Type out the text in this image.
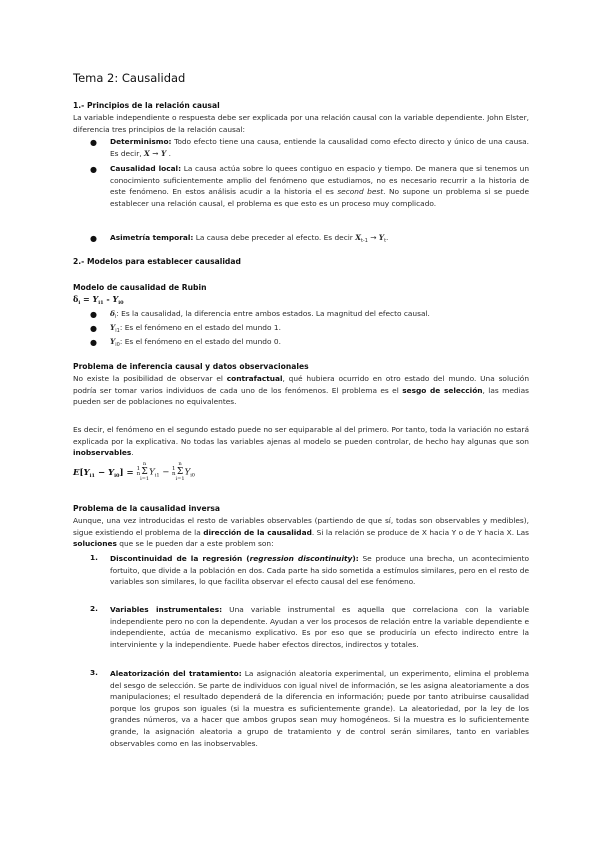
Tema 2: Causalidad
1.- Principios de la relación causal
La variable independiente o respuesta debe ser explicada por una relación causal con la variable dependiente. John Elster, diferencia tres principios de la relación causal:
● Determinismo: Todo efecto tiene una causa, entiende la causalidad como efecto directo y único de una causa. Es decir, X → Y .
● Causalidad local: La causa actúa sobre lo quees contiguo en espacio y tiempo. De manera que si tenemos un conocimiento suficientemente amplio del fenómeno que estudiamos, no es necesario recurrir a la historia de este fenómeno. En estos análisis acudir a la historia el es second best. No supone un problema si se puede establecer una relación causal, el problema es que esto es un proceso muy complicado.
● Asimetría temporal: La causa debe preceder al efecto. Es decir $X_{t-1} \to Y_t$.
2.- Modelos para establecer causalidad
Modelo de causalidad de Rubin
$\delta_i = Y_{i1} - Y_{i0}$
● $\delta_i$: Es la causalidad, la diferencia entre ambos estados. La magnitud del efecto causal.
● $Y_{i1}$: Es el fenómeno en el estado del mundo 1.
● $Y_{i0}$: Es el fenómeno en el estado del mundo 0.
Problema de inferencia causal y datos observacionales
No existe la posibilidad de observar el contrafactual, qué hubiera ocurrido en otro estado del mundo. Una solución podría ser tomar varios individuos de cada uno de los fenómenos. El problema es el sesgo de selección, las medias pueden ser de poblaciones no equivalentes.
Es decir, el fenómeno en el segundo estado puede no ser equiparable al del primero. Por tanto, toda la variación no estará explicada por la explicativa. No todas las variables ajenas al modelo se pueden controlar, de hecho hay algunas que son inobservables.
$E[Y_{i1} - Y_{i0}] = 1$
nn
Σ
$i=1Y_{i1} - 1$
nn
Σ
$i=1Y_{i0}$
Problema de la causalidad inversa
Aunque, una vez introducidas el resto de variables observables (partiendo de que sí, todas son observables y medibles), sigue existiendo el problema de la dirección de la causalidad. Si la relación se produce de X hacia Y o de Y hacia X. Las soluciones que se le pueden dar a este problem son:
1. Discontinuidad de la regresión (regression discontinuity): Se produce una brecha, un acontecimiento fortuito, que divide a la población en dos. Cada parte ha sido sometida a estímulos similares, pero en el resto de variables son similares, lo que facilita observar el efecto causal del ese fenómeno.
2. Variables instrumentales: Una variable instrumental es aquella que correlaciona con la variable independiente pero no con la dependente. Ayudan a ver los procesos de relación entre la variable dependiente e independiente, actúa de mecanismo explicativo. Es por eso que se produciría un efecto indirecto entre la interviniente y la independiente. Puede haber efectos directos, indirectos y totales.
3. Aleatorización del tratamiento: La asignación aleatoria experimental, un experimento, elimina el problema del sesgo de selección. Se parte de individuos con igual nivel de información, se les asigna aleatoriamente a dos manipulaciones; el resultado dependerá de la diferencia en información; puede por tanto atribuirse causalidad porque los grupos son iguales (si la muestra es suficientemente grande). La aleatoriedad, por la ley de los grandes números, va a hacer que ambos grupos sean muy homogéneos. Si la muestra es lo suficientemente grande, la asignación aleatoria a grupo de tratamiento y de control serán similares, tanto en variables observables como en las inobservables.
